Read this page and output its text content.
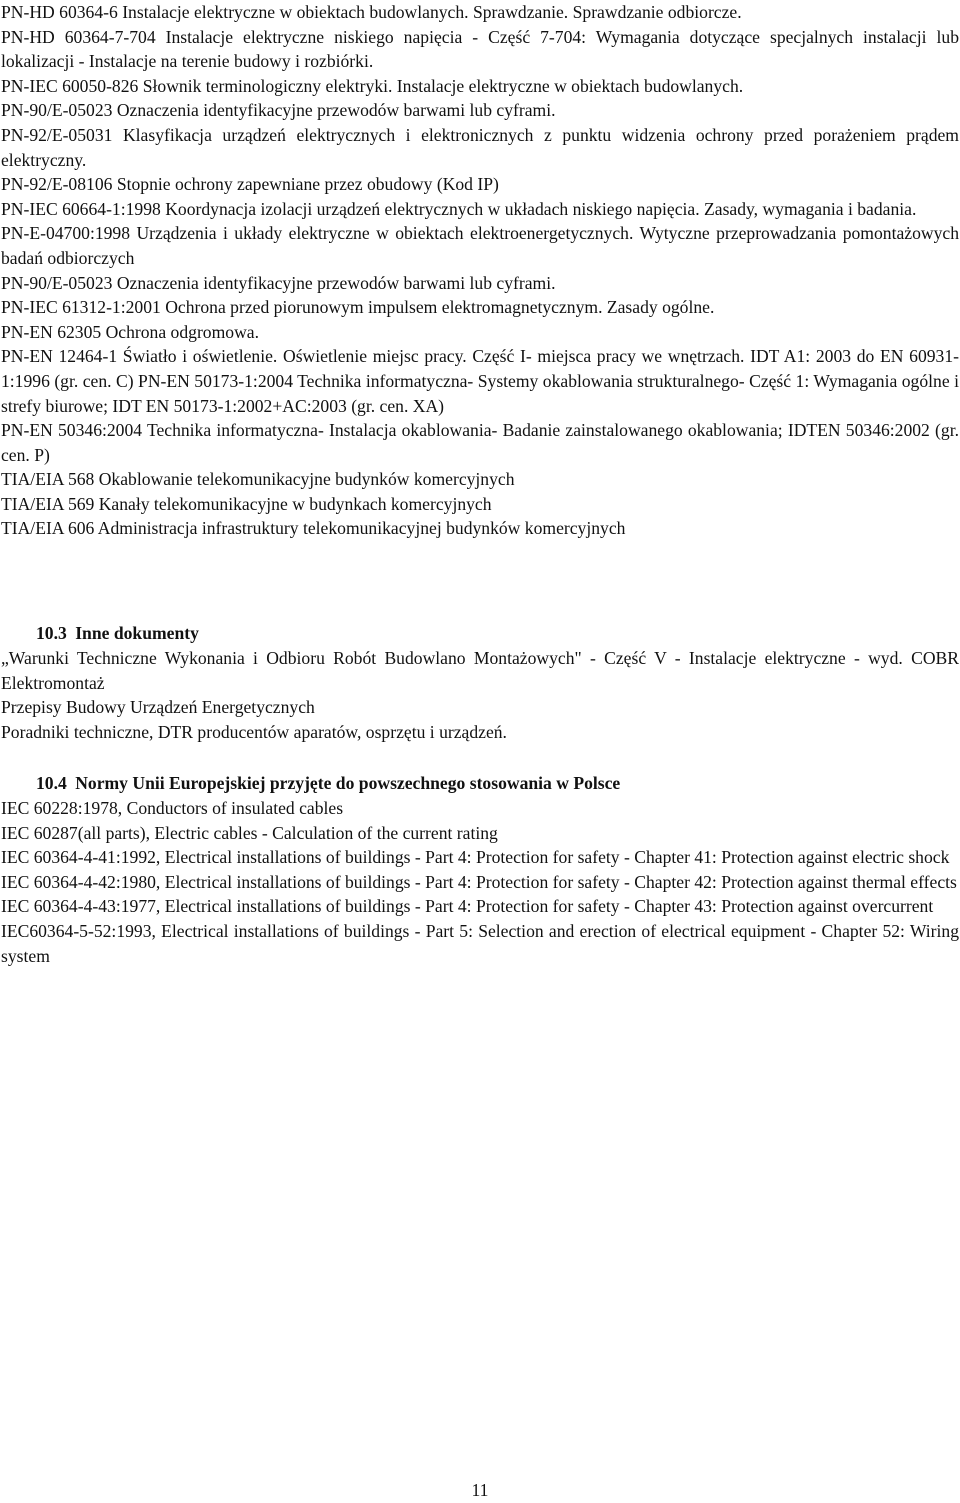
PN-HD 60364-6 Instalacje elektryczne w obiektach budowlanych. Sprawdzanie. Sprawdzanie odbiorcze.
PN-HD 60364-7-704 Instalacje elektryczne niskiego napięcia - Część 7-704: Wymagania dotyczące specjalnych instalacji lub lokalizacji - Instalacje na terenie budowy i rozbiórki.
PN-IEC 60050-826 Słownik terminologiczny elektryki. Instalacje elektryczne w obiektach budowlanych.
PN-90/E-05023 Oznaczenia identyfikacyjne przewodów barwami lub cyframi.
PN-92/E-05031 Klasyfikacja urządzeń elektrycznych i elektronicznych z punktu widzenia ochrony przed porażeniem prądem elektryczny.
PN-92/E-08106 Stopnie ochrony zapewniane przez obudowy (Kod IP)
PN-IEC 60664-1:1998 Koordynacja izolacji urządzeń elektrycznych w układach niskiego napięcia. Zasady, wymagania i badania.
PN-E-04700:1998 Urządzenia i układy elektryczne w obiektach elektroenergetycznych. Wytyczne przeprowadzania pomontażowych badań odbiorczych
PN-90/E-05023 Oznaczenia identyfikacyjne przewodów barwami lub cyframi.
PN-IEC 61312-1:2001 Ochrona przed piorunowym impulsem elektromagnetycznym. Zasady ogólne.
PN-EN 62305 Ochrona odgromowa.
PN-EN 12464-1 Światło i oświetlenie. Oświetlenie miejsc pracy. Część I- miejsca pracy we wnętrzach. IDT A1: 2003 do EN 60931-1:1996 (gr. cen. C) PN-EN 50173-1:2004 Technika informatyczna- Systemy okablowania strukturalnego- Część 1: Wymagania ogólne i strefy biurowe; IDT EN 50173-1:2002+AC:2003 (gr. cen. XA)
PN-EN 50346:2004 Technika informatyczna- Instalacja okablowania- Badanie zainstalowanego okablowania; IDTEN 50346:2002 (gr. cen. P)
TIA/EIA 568 Okablowanie telekomunikacyjne budynków komercyjnych
TIA/EIA 569 Kanały telekomunikacyjne w budynkach komercyjnych
TIA/EIA 606 Administracja infrastruktury telekomunikacyjnej budynków komercyjnych
10.3 Inne dokumenty
„Warunki Techniczne Wykonania i Odbioru Robót Budowlano Montażowych" - Część V - Instalacje elektryczne - wyd. COBR Elektromontaż
Przepisy Budowy Urządzeń Energetycznych
Poradniki techniczne, DTR producentów aparatów, osprzętu i urządzeń.
10.4 Normy Unii Europejskiej przyjęte do powszechnego stosowania w Polsce
IEC 60228:1978, Conductors of insulated cables
IEC 60287(all parts), Electric cables - Calculation of the current rating
IEC 60364-4-41:1992, Electrical installations of buildings - Part 4: Protection for safety - Chapter 41: Protection against electric shock
IEC 60364-4-42:1980, Electrical installations of buildings - Part 4: Protection for safety - Chapter 42: Protection against thermal effects
IEC 60364-4-43:1977, Electrical installations of buildings - Part 4: Protection for safety - Chapter 43: Protection against overcurrent
IEC60364-5-52:1993, Electrical installations of buildings - Part 5: Selection and erection of electrical equipment - Chapter 52: Wiring system
11
